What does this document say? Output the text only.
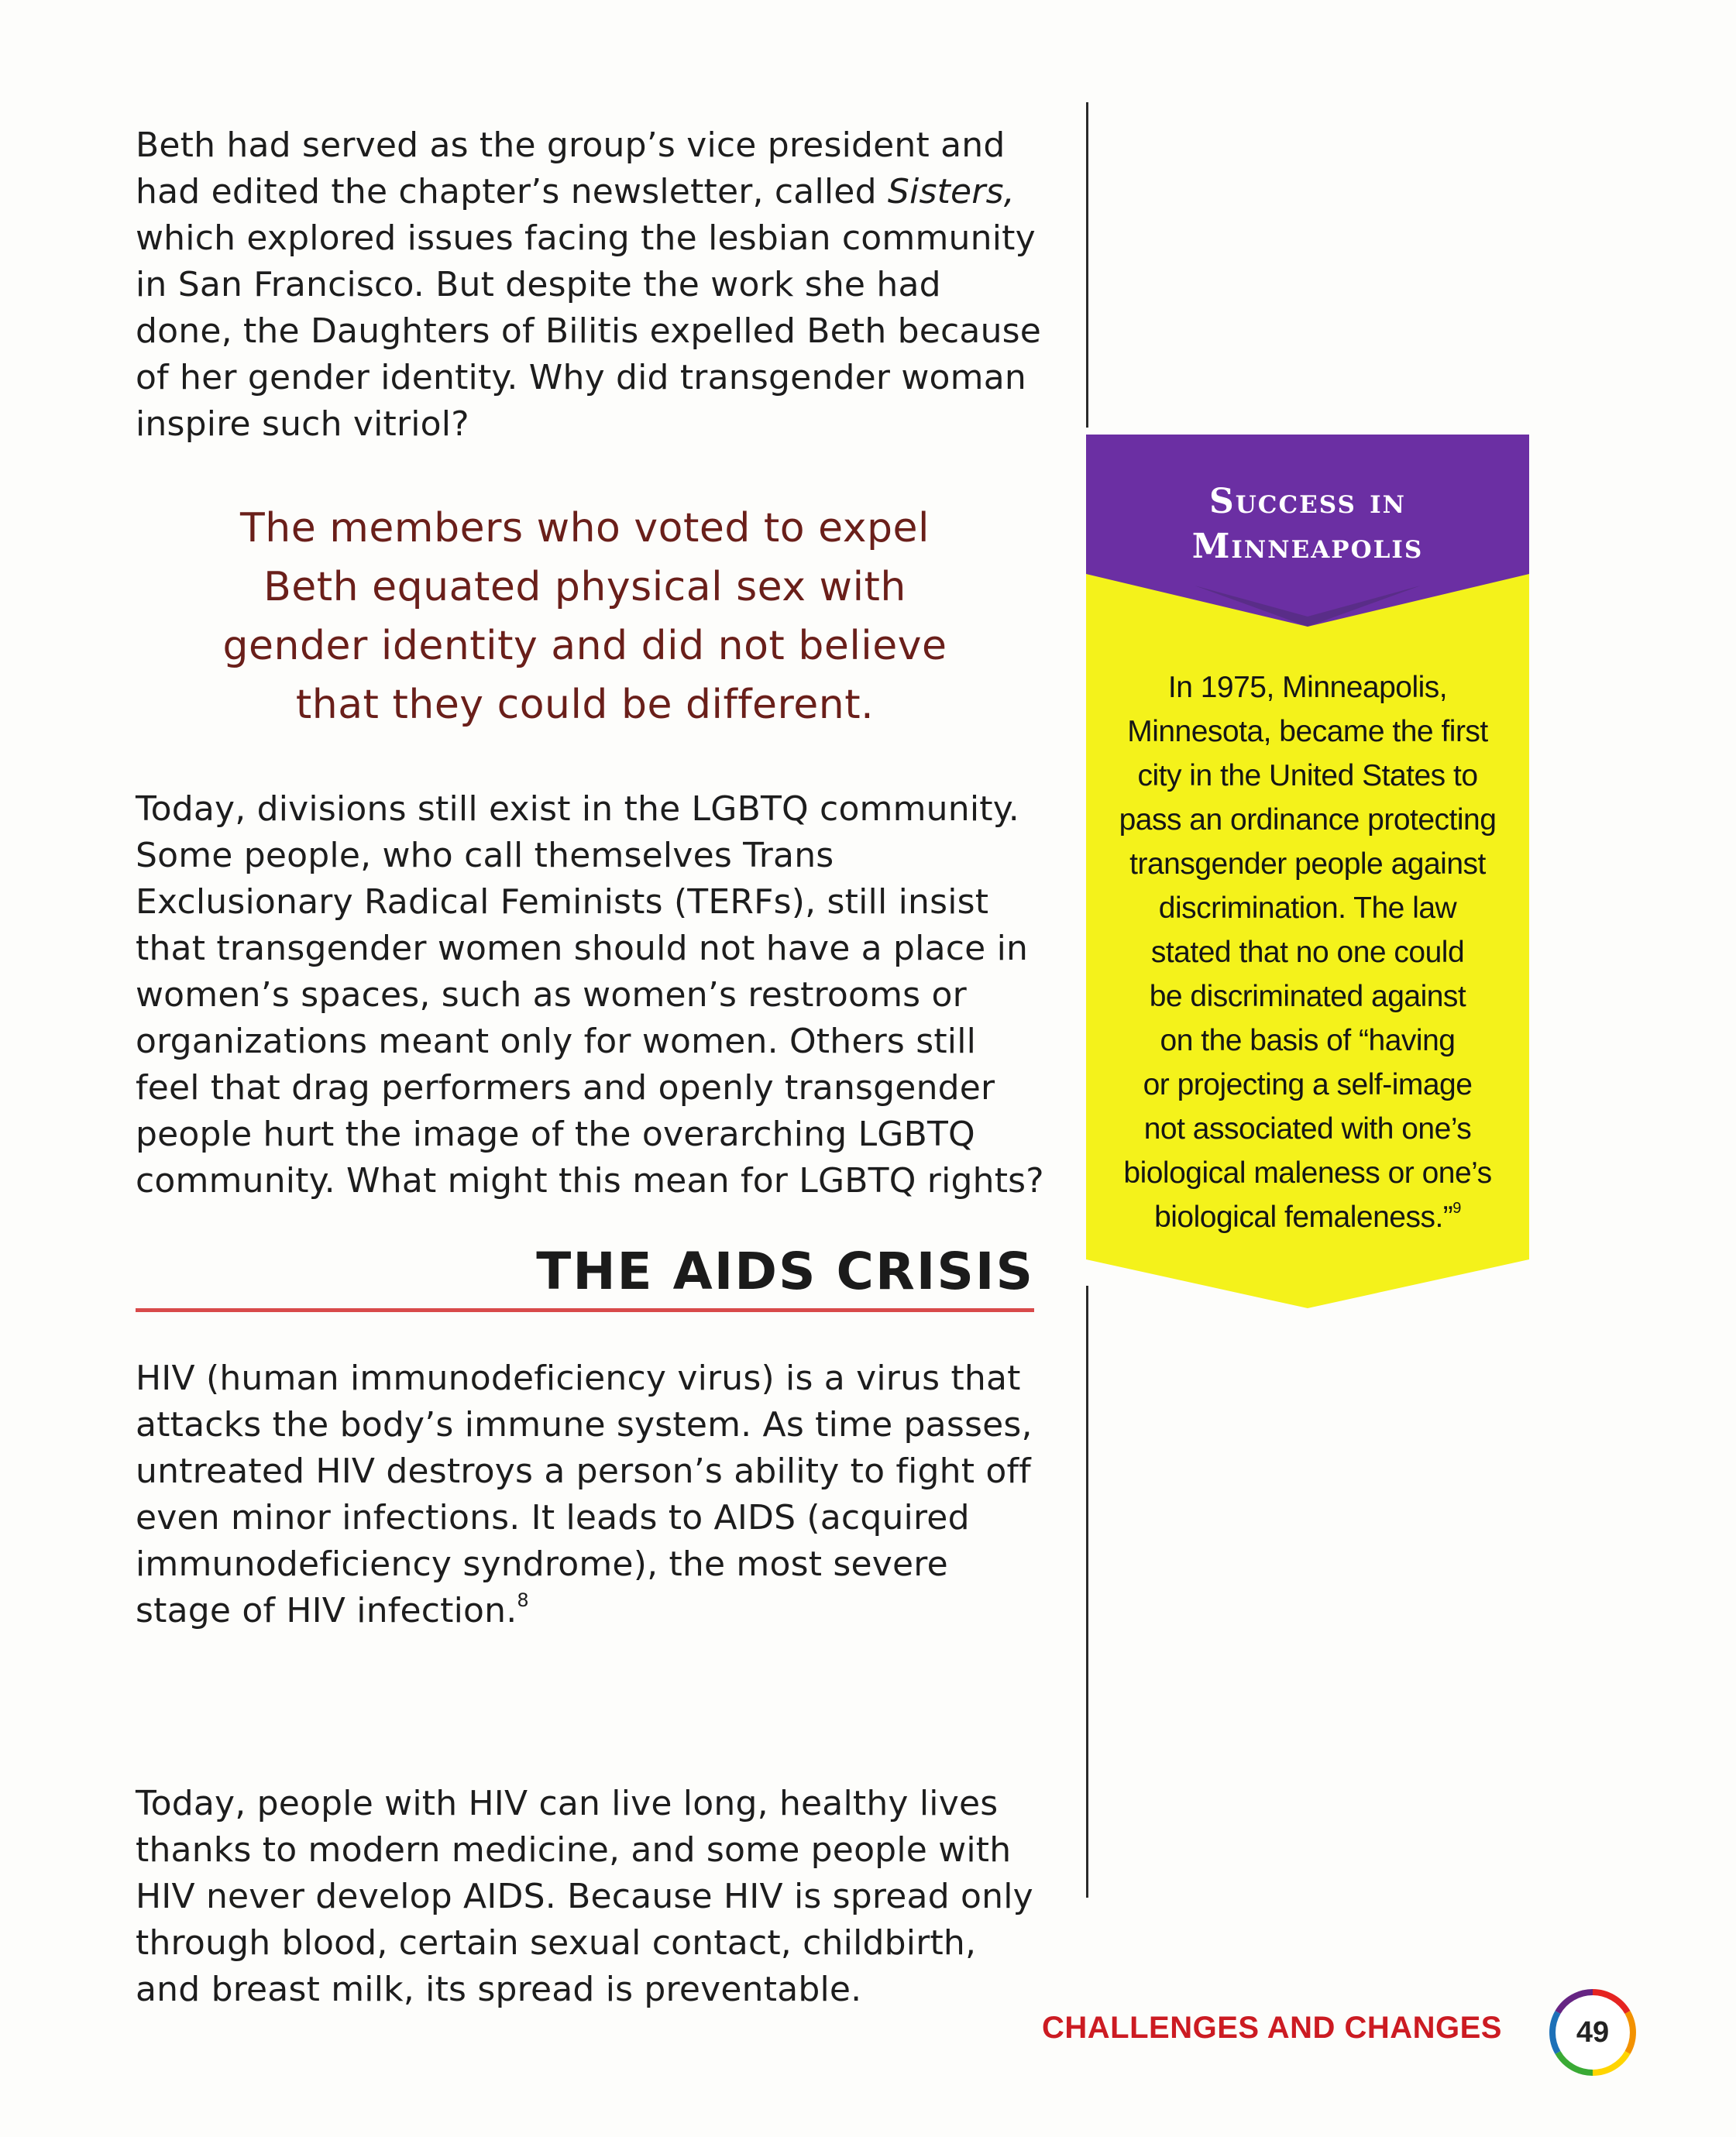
Beth had served as the group’s vice president and had edited the chapter’s newsletter, called Sisters, which explored issues facing the lesbian community in San Francisco. But despite the work she had done, the Daughters of Bilitis expelled Beth because of her gender identity. Why did transgender woman inspire such vitriol?

The members who voted to expel
Beth equated physical sex with
gender identity and did not believe
that they could be different.

Today, divisions still exist in the LGBTQ community. Some people, who call themselves Trans Exclusionary Radical Feminists (TERFs), still insist that transgender women should not have a place in women’s spaces, such as women’s restrooms or organizations meant only for women. Others still feel that drag performers and openly transgender people hurt the image of the overarching LGBTQ community. What might this mean for LGBTQ rights?

THE AIDS CRISIS

HIV (human immunodeficiency virus) is a virus that attacks the body’s immune system. As time passes, untreated HIV destroys a person’s ability to fight off even minor infections. It leads to AIDS (acquired immunodeficiency syndrome), the most severe stage of HIV infection.$^8$

Today, people with HIV can live long, healthy lives thanks to modern medicine, and some people with HIV never develop AIDS. Because HIV is spread only through blood, certain sexual contact, childbirth, and breast milk, its spread is preventable.

Success in
Minneapolis
In 1975, Minneapolis,
Minnesota, became the first
city in the United States to
pass an ordinance protecting
transgender people against
discrimination. The law
stated that no one could
be discriminated against
on the basis of “having
or projecting a self-image
not associated with one’s
biological maleness or one’s
biological femaleness.”$^9$
CHALLENGES AND CHANGES	49
